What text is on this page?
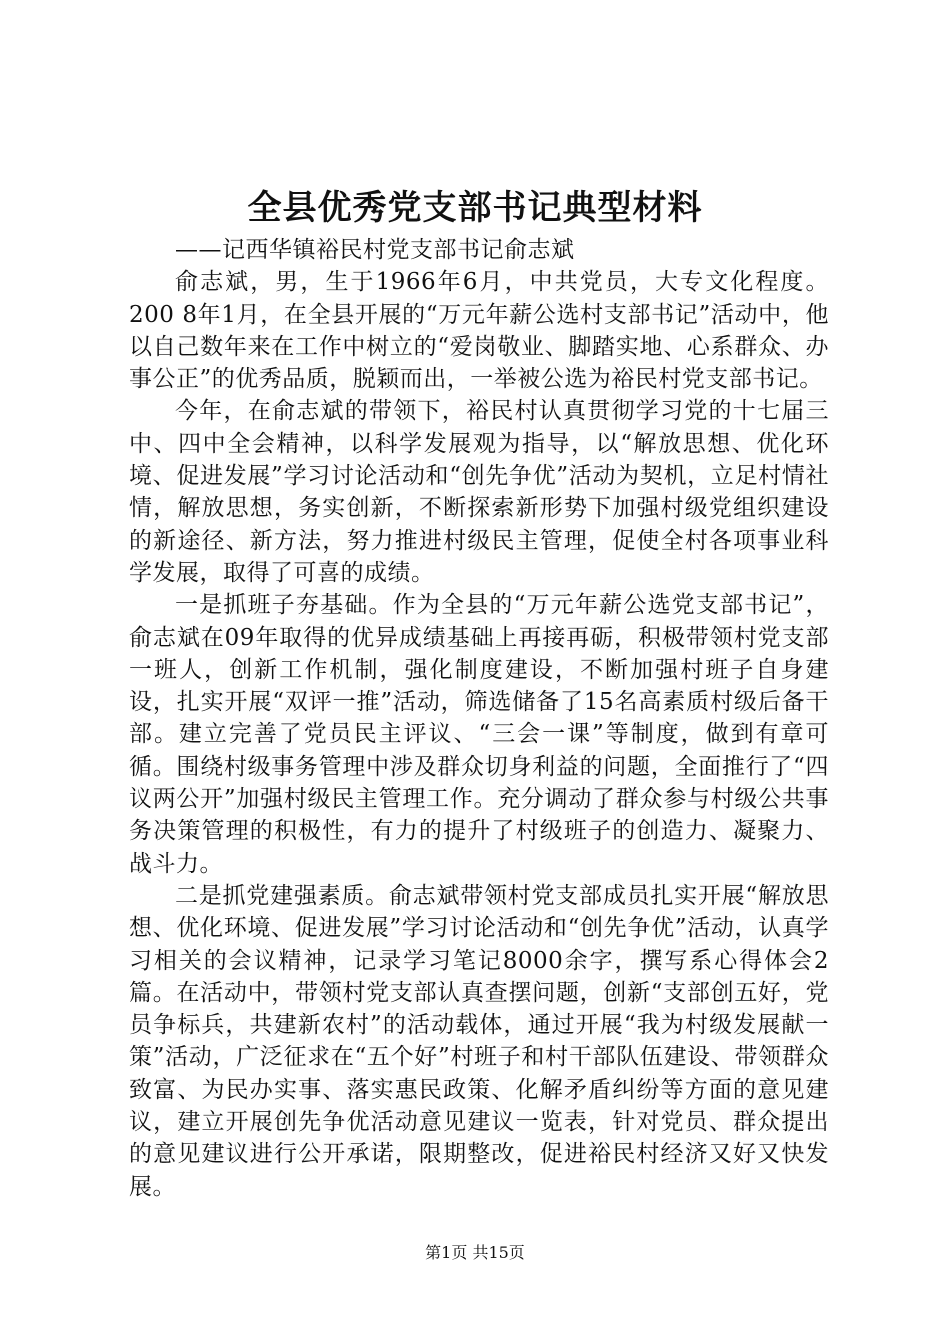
全县优秀党支部书记典型材料

——记西华镇裕民村党支部书记俞志斌

俞志斌，男，生于1966年6月，中共党员，大专文化程度。200 8年1月，在全县开展的“万元年薪公选村支部书记”活动中，他以自己数年来在工作中树立的“爱岗敬业、脚踏实地、心系群众、办事公正”的优秀品质，脱颖而出，一举被公选为裕民村党支部书记。

今年，在俞志斌的带领下，裕民村认真贯彻学习党的十七届三中、四中全会精神，以科学发展观为指导，以“解放思想、优化环境、促进发展”学习讨论活动和“创先争优”活动为契机，立足村情社情，解放思想，务实创新，不断探索新形势下加强村级党组织建设的新途径、新方法，努力推进村级民主管理，促使全村各项事业科学发展，取得了可喜的成绩。

一是抓班子夯基础。作为全县的“万元年薪公选党支部书记”，俞志斌在09年取得的优异成绩基础上再接再砺，积极带领村党支部一班人，创新工作机制，强化制度建设，不断加强村班子自身建设，扎实开展“双评一推”活动，筛选储备了15名高素质村级后备干部。建立完善了党员民主评议、“三会一课”等制度，做到有章可循。围绕村级事务管理中涉及群众切身利益的问题，全面推行了“四议两公开”加强村级民主管理工作。充分调动了群众参与村级公共事务决策管理的积极性，有力的提升了村级班子的创造力、凝聚力、战斗力。

二是抓党建强素质。俞志斌带领村党支部成员扎实开展“解放思想、优化环境、促进发展”学习讨论活动和“创先争优”活动，认真学习相关的会议精神，记录学习笔记8000余字，撰写系心得体会2篇。在活动中，带领村党支部认真查摆问题，创新“支部创五好，党员争标兵，共建新农村”的活动载体，通过开展“我为村级发展献一策”活动，广泛征求在“五个好”村班子和村干部队伍建设、带领群众致富、为民办实事、落实惠民政策、化解矛盾纠纷等方面的意见建议，建立开展创先争优活动意见建议一览表，针对党员、群众提出的意见建议进行公开承诺，限期整改，促进裕民村经济又好又快发展。

第1页 共15页
